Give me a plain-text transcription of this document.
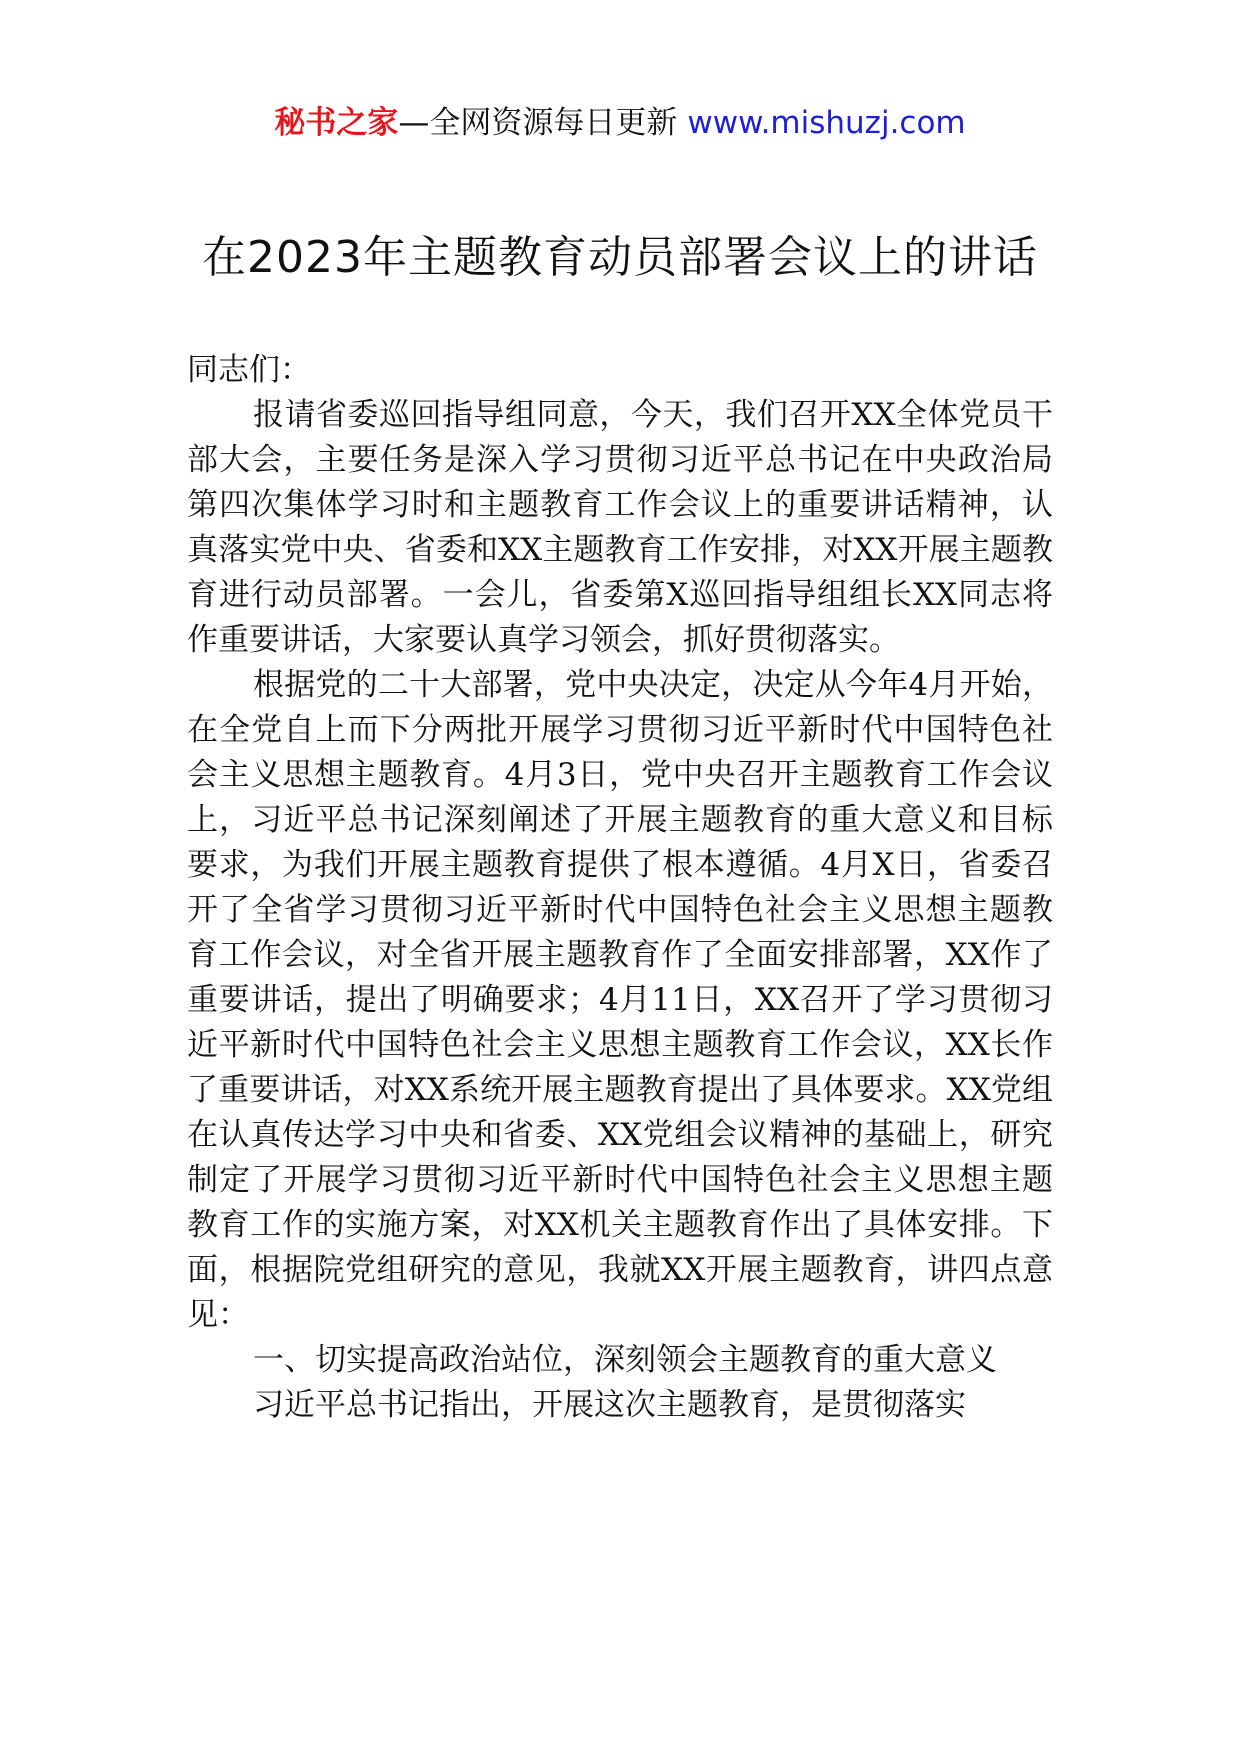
秘书之家—全网资源每日更新 www.mishuzj.com
在2023年主题教育动员部署会议上的讲话

同志们：

报请省委巡回指导组同意，今天，我们召开XX全体党员干部大会，主要任务是深入学习贯彻习近平总书记在中央政治局第四次集体学习时和主题教育工作会议上的重要讲话精神，认真落实党中央、省委和XX主题教育工作安排，对XX开展主题教育进行动员部署。一会儿，省委第X巡回指导组组长XX同志将作重要讲话，大家要认真学习领会，抓好贯彻落实。

根据党的二十大部署，党中央决定，决定从今年4月开始，在全党自上而下分两批开展学习贯彻习近平新时代中国特色社会主义思想主题教育。4月3日，党中央召开主题教育工作会议上，习近平总书记深刻阐述了开展主题教育的重大意义和目标要求，为我们开展主题教育提供了根本遵循。4月X日，省委召开了全省学习贯彻习近平新时代中国特色社会主义思想主题教育工作会议，对全省开展主题教育作了全面安排部署，XX作了重要讲话，提出了明确要求；4月11日，XX召开了学习贯彻习近平新时代中国特色社会主义思想主题教育工作会议，XX长作了重要讲话，对XX系统开展主题教育提出了具体要求。XX党组在认真传达学习中央和省委、XX党组会议精神的基础上，研究制定了开展学习贯彻习近平新时代中国特色社会主义思想主题教育工作的实施方案，对XX机关主题教育作出了具体安排。下面，根据院党组研究的意见，我就XX开展主题教育，讲四点意见：

一、切实提高政治站位，深刻领会主题教育的重大意义

习近平总书记指出，开展这次主题教育，是贯彻落实
